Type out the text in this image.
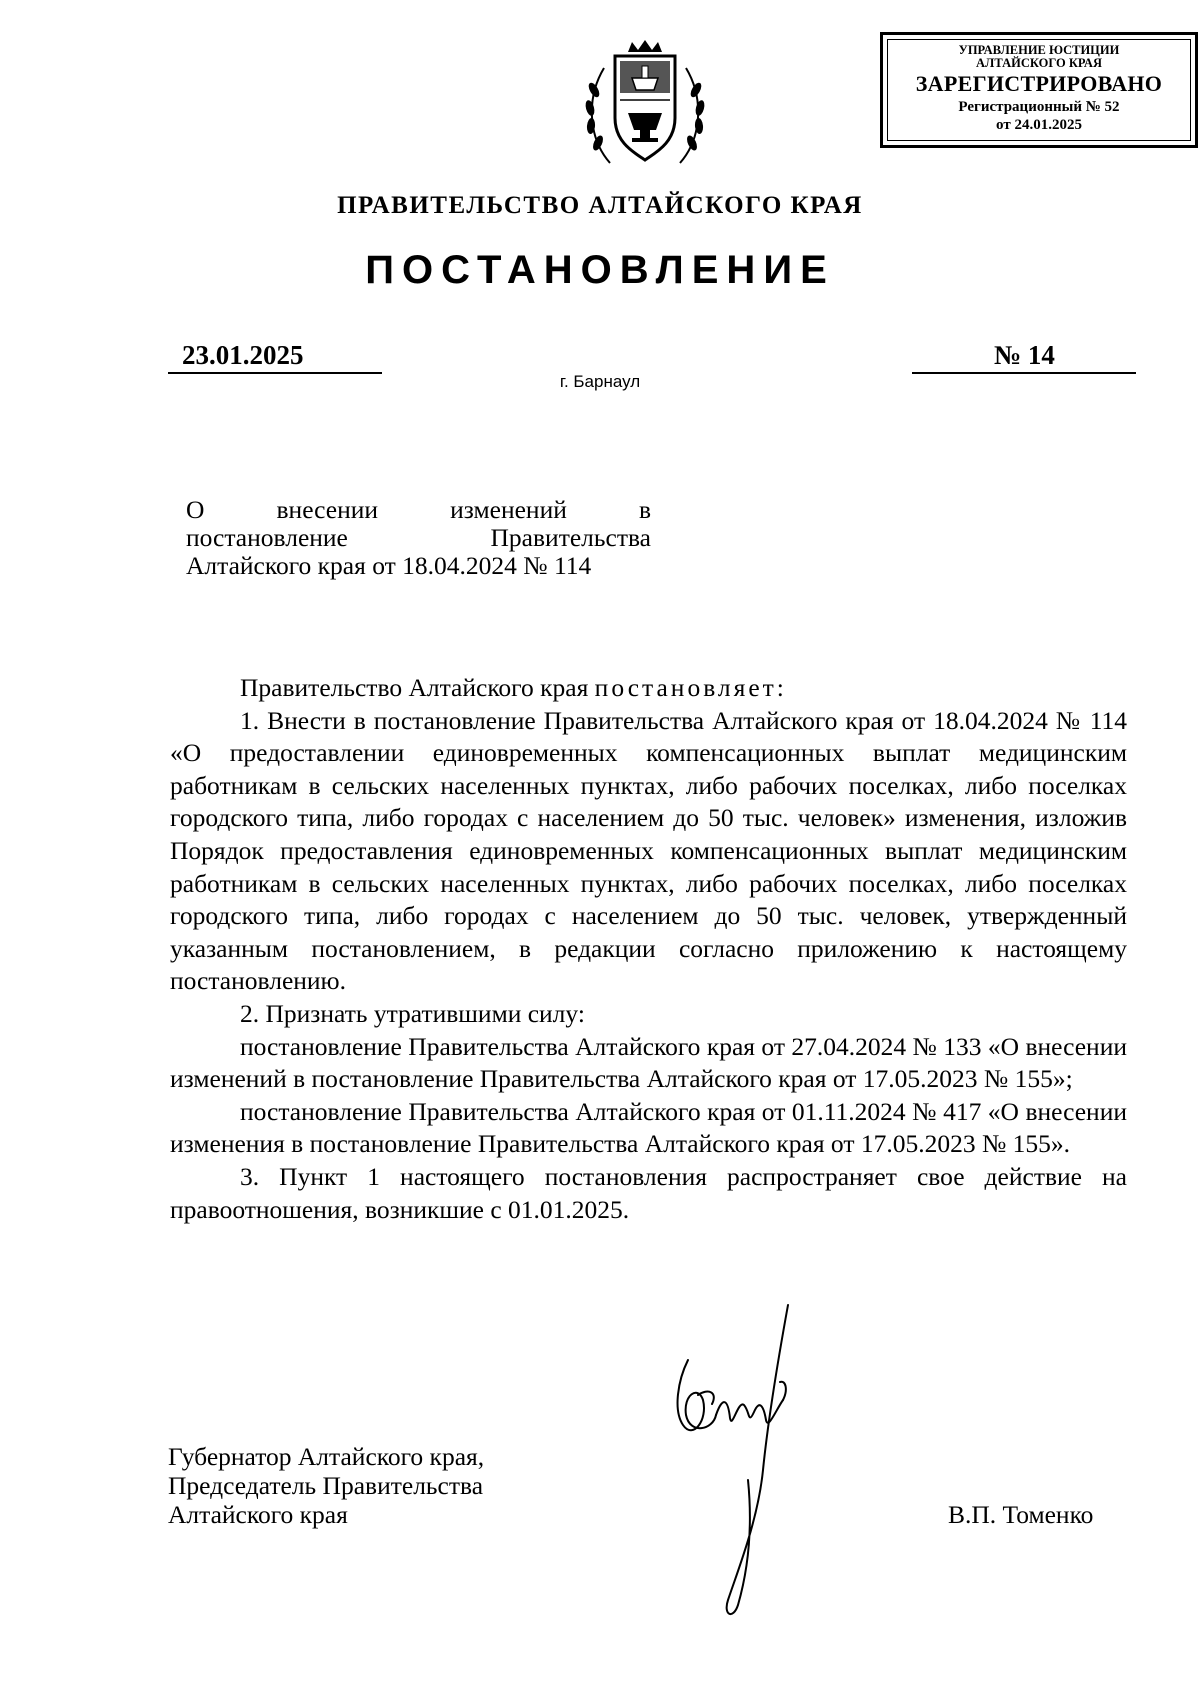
УПРАВЛЕНИЕ ЮСТИЦИИ
АЛТАЙСКОГО КРАЯ
ЗАРЕГИСТРИРОВАНО
Регистрационный № 52
от 24.01.2025
ПРАВИТЕЛЬСТВО АЛТАЙСКОГО КРАЯ
ПОСТАНОВЛЕНИЕ
23.01.2025	№ 14
г. Барнаул
О внесении изменений в
постановление Правительства
Алтайского края от 18.04.2024 № 114

Правительство Алтайского края постановляет:

1. Внести в постановление Правительства Алтайского края от 18.04.2024 № 114 «О предоставлении единовременных компенсационных выплат медицинским работникам в сельских населенных пунктах, либо рабочих поселках, либо поселках городского типа, либо городах с населением до 50 тыс. человек» изменения, изложив Порядок предоставления единовременных компенсационных выплат медицинским работникам в сельских населенных пунктах, либо рабочих поселках, либо поселках городского типа, либо городах с населением до 50 тыс. человек, утвержденный указанным постановлением, в редакции согласно приложению к настоящему постановлению.

2. Признать утратившими силу:

постановление Правительства Алтайского края от 27.04.2024 № 133 «О внесении изменений в постановление Правительства Алтайского края от 17.05.2023 № 155»;

постановление Правительства Алтайского края от 01.11.2024 № 417 «О внесении изменения в постановление Правительства Алтайского края от 17.05.2023 № 155».

3. Пункт 1 настоящего постановления распространяет свое действие на правоотношения, возникшие с 01.01.2025.

Губернатор Алтайского края,
Председатель Правительства
Алтайского края	В.П. Томенко
